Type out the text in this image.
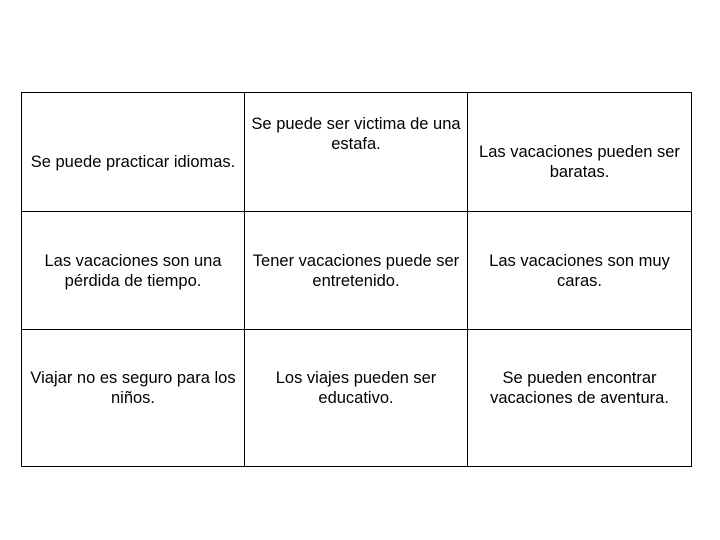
Se puede practicar idiomas.	Se puede ser victima de una estafa.	Las vacaciones pueden ser baratas.
Las vacaciones son una pérdida de tiempo.	Tener vacaciones puede ser entretenido.	Las vacaciones son muy caras.
Viajar no es seguro para los niños.	Los viajes pueden ser educativo.	Se pueden encontrar vacaciones de aventura.
